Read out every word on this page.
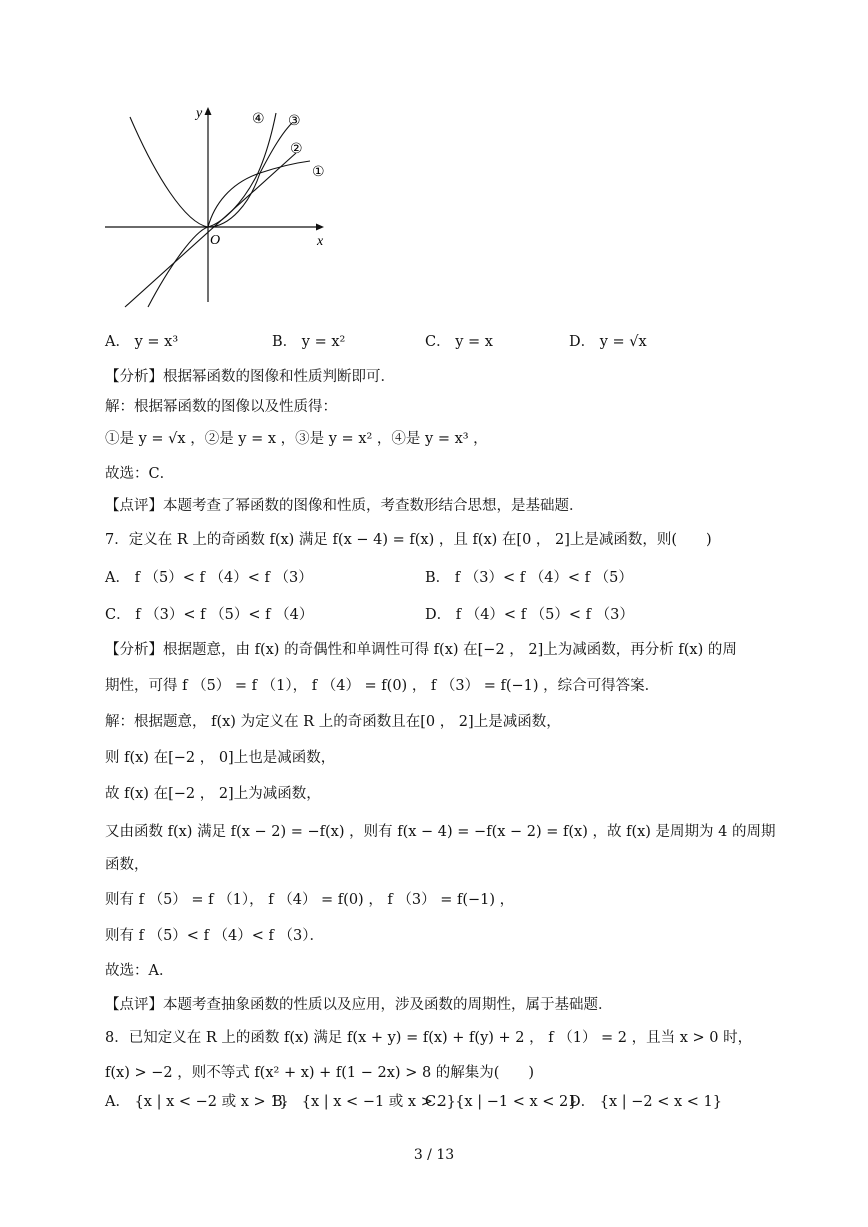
y
x
O
④ ③
②
①
A． y = x³	B． y = x²	C． y = x	D． y = √x
【分析】根据幂函数的图像和性质判断即可．
解：根据幂函数的图像以及性质得：
①是 y = √x ，②是 y = x ，③是 y = x² ，④是 y = x³ ，
故选：C．
【点评】本题考查了幂函数的图像和性质，考查数形结合思想，是基础题．
7．定义在 R 上的奇函数 f(x) 满足 f(x − 4) = f(x) ，且 f(x) 在[0 ， 2]上是减函数，则(　　)
A． f （5）< f （4）< f （3）	B． f （3）< f （4）< f （5）
C． f （3）< f （5）< f （4）	D． f （4）< f （5）< f （3）
【分析】根据题意，由 f(x) 的奇偶性和单调性可得 f(x) 在[−2 ， 2]上为减函数，再分析 f(x) 的周
期性，可得 f （5） = f （1）， f （4） = f(0) ， f （3） = f(−1) ，综合可得答案．
解：根据题意， f(x) 为定义在 R 上的奇函数且在[0 ， 2]上是减函数，
则 f(x) 在[−2 ， 0]上也是减函数，
故 f(x) 在[−2 ， 2]上为减函数，
又由函数 f(x) 满足 f(x − 2) = −f(x) ，则有 f(x − 4) = −f(x − 2) = f(x) ，故 f(x) 是周期为 4 的周期
函数，
则有 f （5） = f （1）， f （4） = f(0) ， f （3） = f(−1) ，
则有 f （5）< f （4）< f （3）．
故选：A．
【点评】本题考查抽象函数的性质以及应用，涉及函数的周期性，属于基础题．
8．已知定义在 R 上的函数 f(x) 满足 f(x + y) = f(x) + f(y) + 2 ， f （1） = 2 ，且当 x > 0 时，
f(x) > −2 ，则不等式 f(x² + x) + f(1 − 2x) > 8 的解集为(　　)
A． {x | x < −2 或 x > 1}
B． {x | x < −1 或 x > 2}
C． {x | −1 < x < 2}
D． {x | −2 < x < 1}
3 / 13
